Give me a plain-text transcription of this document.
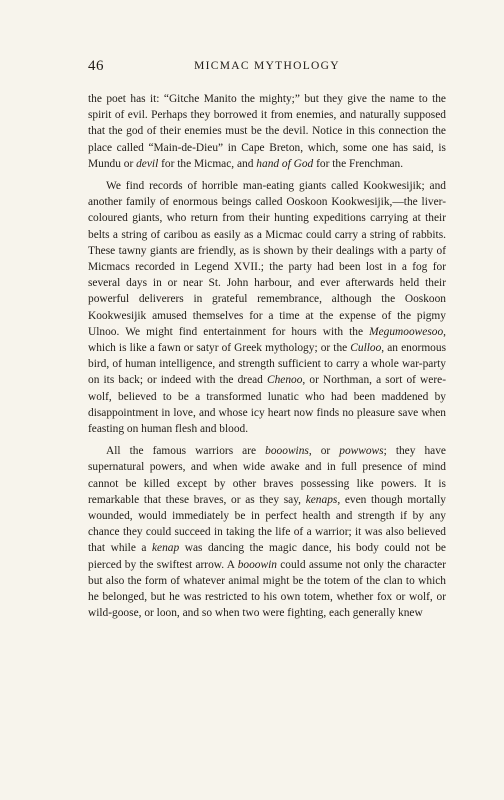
46	MICMAC MYTHOLOGY

the poet has it: “Gitche Manito the mighty;” but they give the name to the spirit of evil. Perhaps they borrowed it from enemies, and naturally supposed that the god of their enemies must be the devil. Notice in this connection the place called “Main-de-Dieu” in Cape Breton, which, some one has said, is Mundu or devil for the Micmac, and hand of God for the Frenchman.

We find records of horrible man-eating giants called Kookwesijik; and another family of enormous beings called Ooskoon Kookwesijik,—the liver-coloured giants, who return from their hunting expeditions carrying at their belts a string of caribou as easily as a Micmac could carry a string of rabbits. These tawny giants are friendly, as is shown by their dealings with a party of Micmacs recorded in Legend XVII.; the party had been lost in a fog for several days in or near St. John harbour, and ever afterwards held their powerful deliverers in grateful remembrance, although the Ooskoon Kookwesijik amused themselves for a time at the expense of the pigmy Ulnoo. We might find entertainment for hours with the Megumoowesoo, which is like a fawn or satyr of Greek mythology; or the Culloo, an enormous bird, of human intelligence, and strength sufficient to carry a whole war-party on its back; or indeed with the dread Chenoo, or Northman, a sort of were-wolf, believed to be a transformed lunatic who had been maddened by disappointment in love, and whose icy heart now finds no pleasure save when feasting on human flesh and blood.

All the famous warriors are booowins, or powwows; they have supernatural powers, and when wide awake and in full presence of mind cannot be killed except by other braves possessing like powers. It is remarkable that these braves, or as they say, kenaps, even though mortally wounded, would immediately be in perfect health and strength if by any chance they could succeed in taking the life of a warrior; it was also believed that while a kenap was dancing the magic dance, his body could not be pierced by the swiftest arrow. A booowin could assume not only the character but also the form of whatever animal might be the totem of the clan to which he belonged, but he was restricted to his own totem, whether fox or wolf, or wild-goose, or loon, and so when two were fighting, each generally knew
